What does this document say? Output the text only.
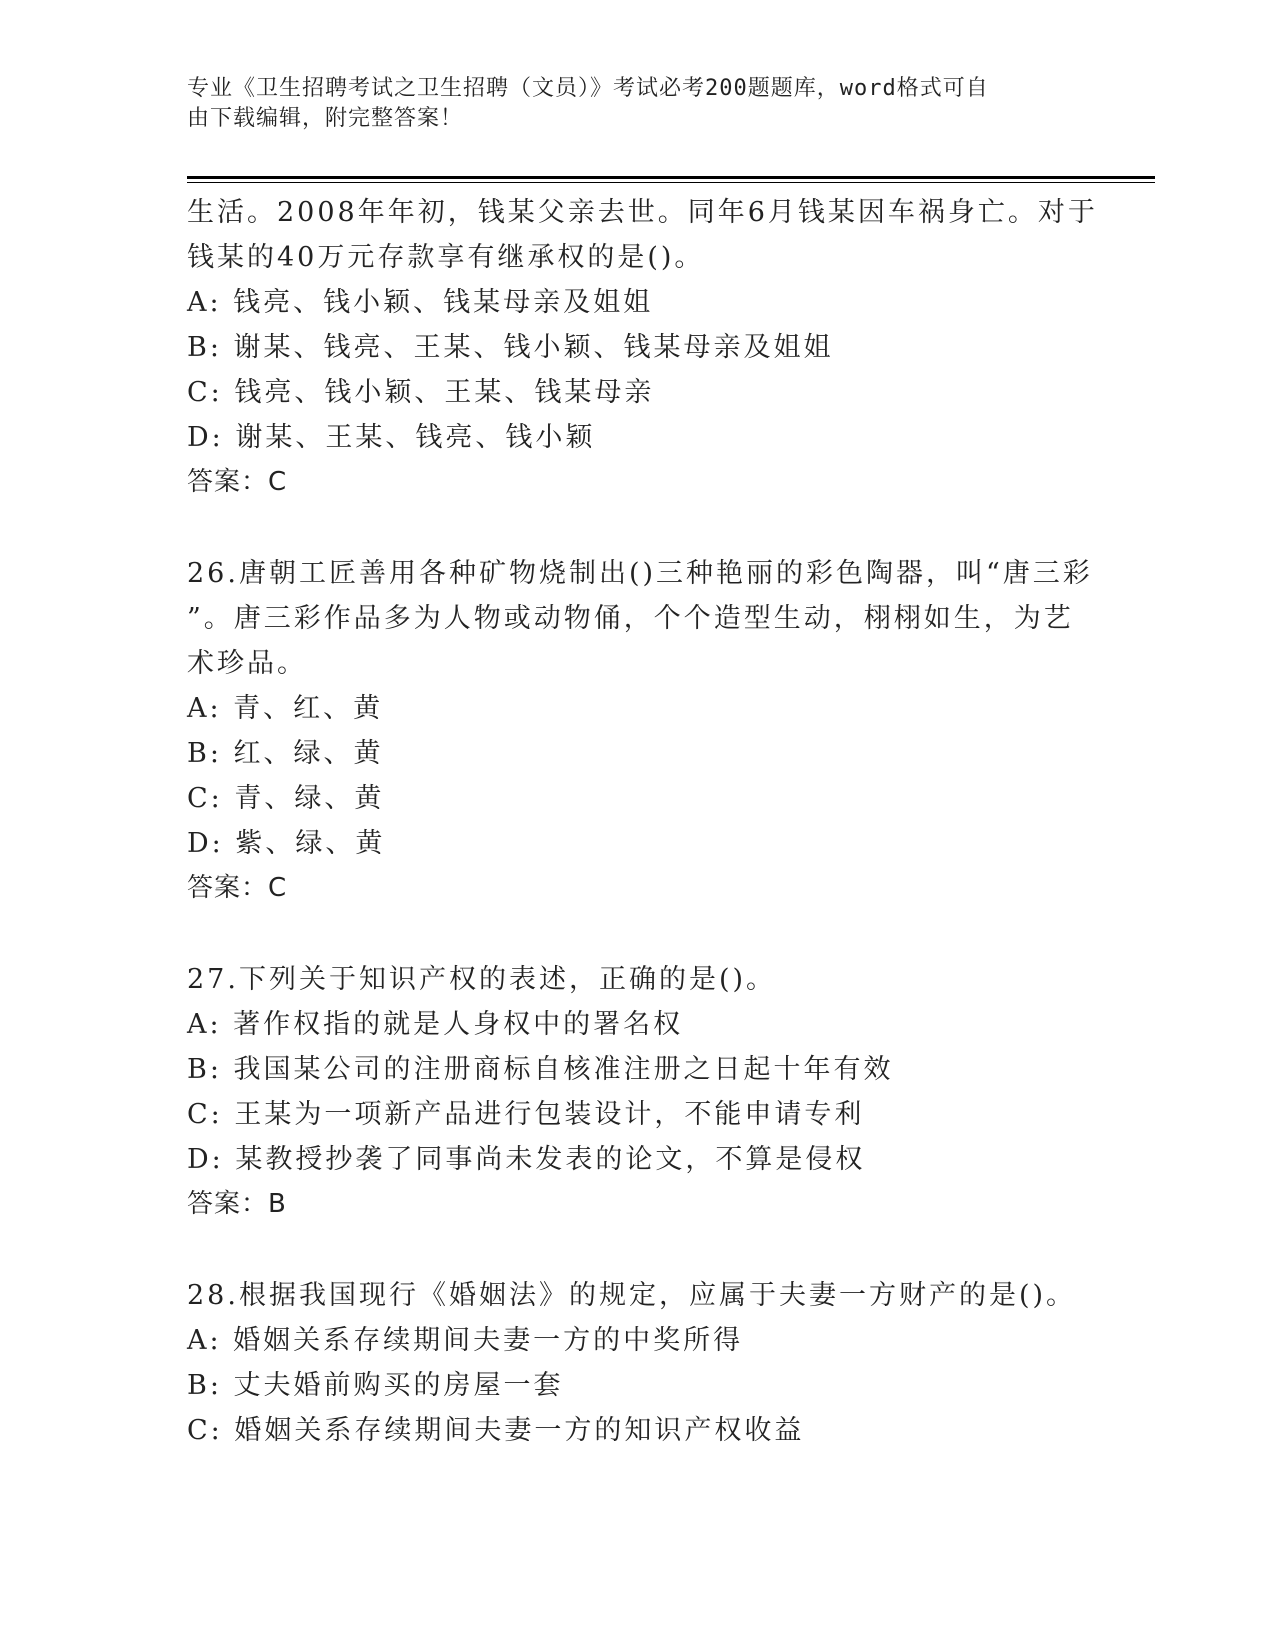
专业《卫生招聘考试之卫生招聘（文员）》考试必考200题题库，word格式可自
由下载编辑，附完整答案！
生活。2008年年初，钱某父亲去世。同年6月钱某因车祸身亡。对于
钱某的40万元存款享有继承权的是()。
A: 钱亮、钱小颖、钱某母亲及姐姐
B: 谢某、钱亮、王某、钱小颖、钱某母亲及姐姐
C: 钱亮、钱小颖、王某、钱某母亲
D: 谢某、王某、钱亮、钱小颖
答案：C
26.唐朝工匠善用各种矿物烧制出()三种艳丽的彩色陶器，叫“唐三彩
”。唐三彩作品多为人物或动物俑，个个造型生动，栩栩如生，为艺
术珍品。
A: 青、红、黄
B: 红、绿、黄
C: 青、绿、黄
D: 紫、绿、黄
答案：C
27.下列关于知识产权的表述，正确的是()。
A: 著作权指的就是人身权中的署名权
B: 我国某公司的注册商标自核准注册之日起十年有效
C: 王某为一项新产品进行包装设计，不能申请专利
D: 某教授抄袭了同事尚未发表的论文，不算是侵权
答案：B
28.根据我国现行《婚姻法》的规定，应属于夫妻一方财产的是()。
A: 婚姻关系存续期间夫妻一方的中奖所得
B: 丈夫婚前购买的房屋一套
C: 婚姻关系存续期间夫妻一方的知识产权收益
